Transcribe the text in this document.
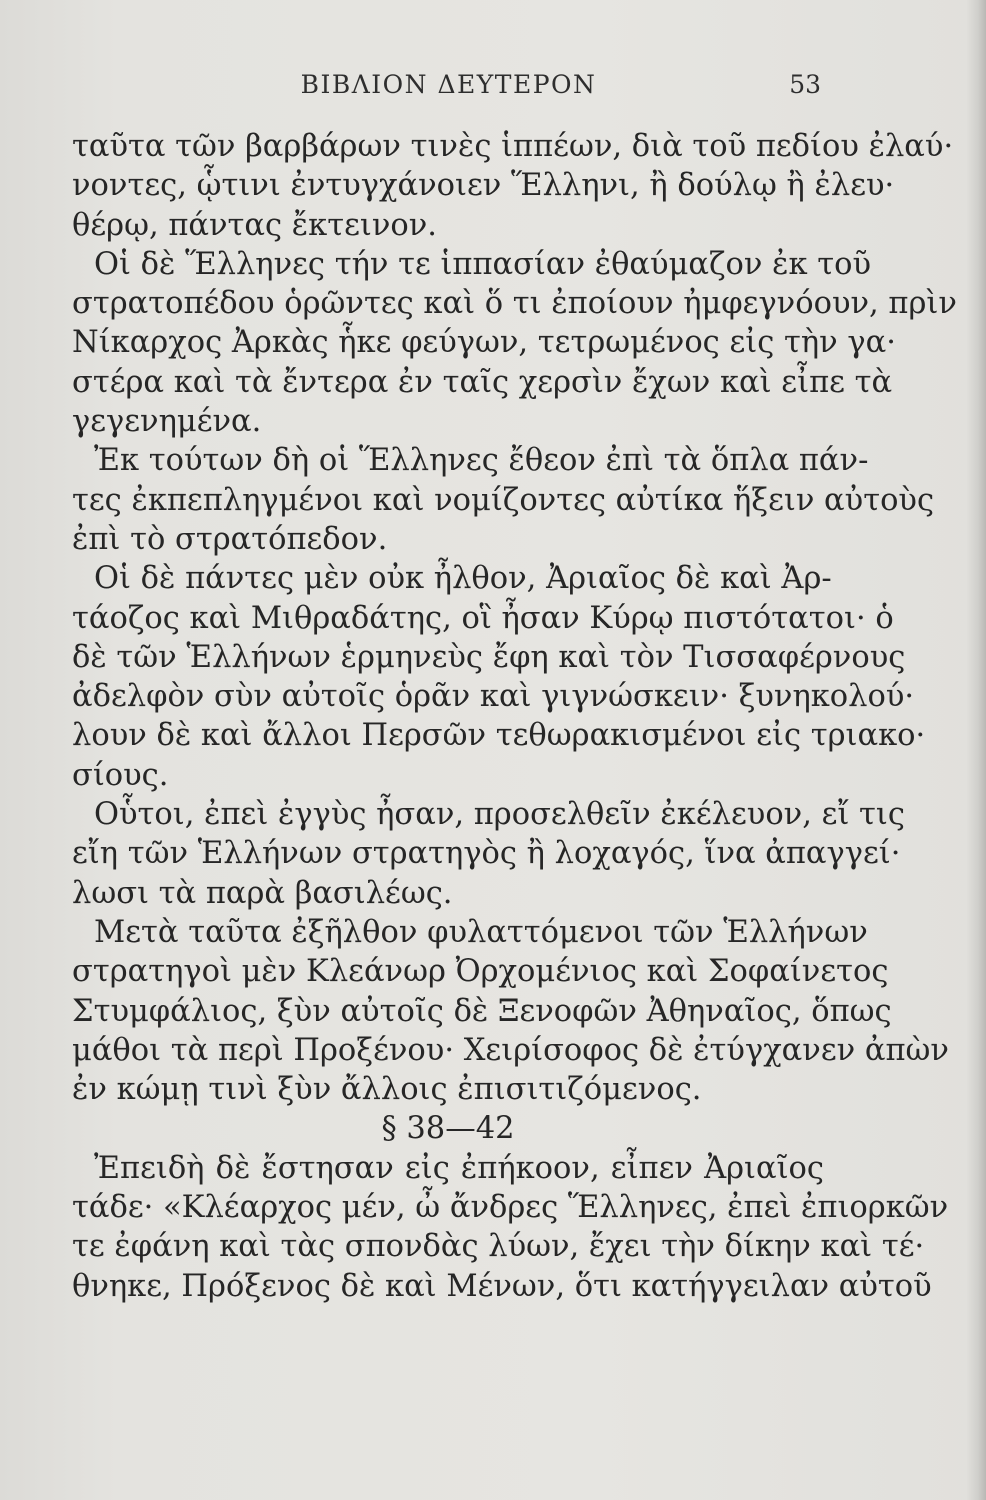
ΒΙΒΛΙΟΝ ΔΕΥΤΕΡΟΝ	53
ταῦτα τῶν βαρβάρων τινὲς ἱππέων, διὰ τοῦ πεδίου ἐλαύ·
νοντες, ᾧτινι ἐντυγχάνοιεν Ἕλληνι, ἢ δούλῳ ἢ ἐλευ·
θέρῳ, πάντας ἔκτεινον.
Οἱ δὲ Ἕλληνες τήν τε ἱππασίαν ἐθαύμαζον ἐκ τοῦ
στρατοπέδου ὁρῶντες καὶ ὅ τι ἐποίουν ἠμφεγνόουν, πρὶν
Νίκαρχος Ἀρκὰς ἧκε φεύγων, τετρωμένος εἰς τὴν γα·
στέρα καὶ τὰ ἔντερα ἐν ταῖς χερσὶν ἔχων καὶ εἶπε τὰ
γεγενημένα.
Ἐκ τούτων δὴ οἱ Ἕλληνες ἔθεον ἐπὶ τὰ ὅπλα πάν-
τες ἐκπεπληγμένοι καὶ νομίζοντες αὐτίκα ἥξειν αὐτοὺς
ἐπὶ τὸ στρατόπεδον.
Οἱ δὲ πάντες μὲν οὐκ ἦλθον, Ἀριαῖος δὲ καὶ Ἀρ-
τάοζος καὶ Μιθραδάτης, οἳ ἦσαν Κύρῳ πιστότατοι· ὁ
δὲ τῶν Ἑλλήνων ἑρμηνεὺς ἔφη καὶ τὸν Τισσαφέρνους
ἀδελφὸν σὺν αὐτοῖς ὁρᾶν καὶ γιγνώσκειν· ξυνηκολού·
λουν δὲ καὶ ἄλλοι Περσῶν τεθωρακισμένοι εἰς τριακο·
σίους.
Οὗτοι, ἐπεὶ ἐγγὺς ἦσαν, προσελθεῖν ἐκέλευον, εἴ τις
εἴη τῶν Ἑλλήνων στρατηγὸς ἢ λοχαγός, ἵνα ἀπαγγεί·
λωσι τὰ παρὰ βασιλέως.
Μετὰ ταῦτα ἐξῆλθον φυλαττόμενοι τῶν Ἑλλήνων
στρατηγοὶ μὲν Κλεάνωρ Ὀρχομένιος καὶ Σοφαίνετος
Στυμφάλιος, ξὺν αὐτοῖς δὲ Ξενοφῶν Ἀθηναῖος, ὅπως
μάθοι τὰ περὶ Προξένου· Χειρίσοφος δὲ ἐτύγχανεν ἀπὼν
ἐν κώμῃ τινὶ ξὺν ἄλλοις ἐπισιτιζόμενος.
§ 38—42
Ἐπειδὴ δὲ ἔστησαν εἰς ἐπήκοον, εἶπεν Ἀριαῖος
τάδε· «Κλέαρχος μέν, ὦ ἄνδρες Ἕλληνες, ἐπεὶ ἐπιορκῶν
τε ἐφάνη καὶ τὰς σπονδὰς λύων, ἔχει τὴν δίκην καὶ τέ·
θνηκε, Πρόξενος δὲ καὶ Μένων, ὅτι κατήγγειλαν αὐτοῦ
